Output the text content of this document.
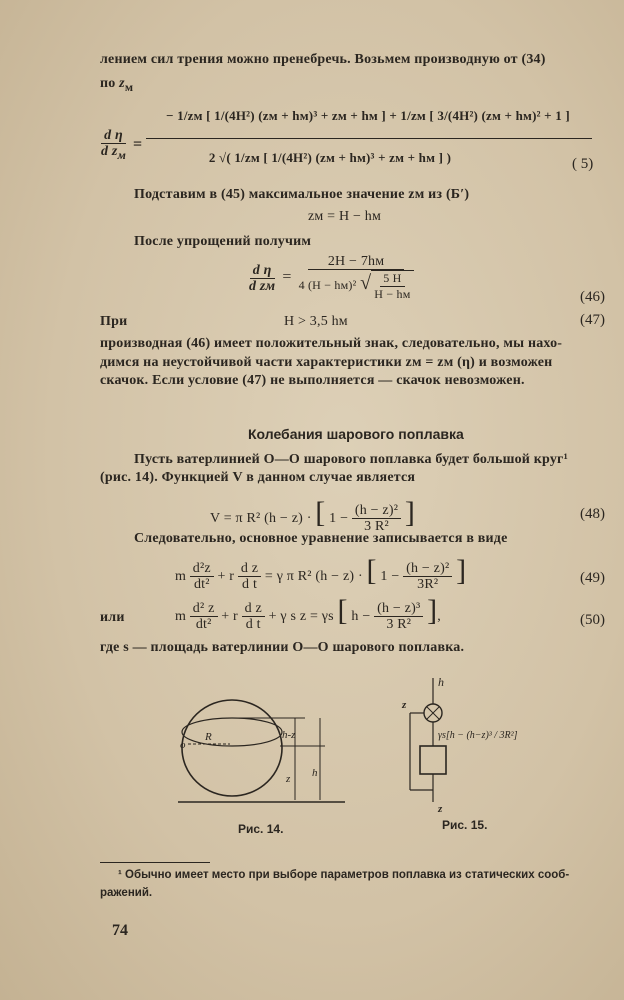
лением сил трения можно пренебречь. Возьмем производную от (34)
по $z_м$
$\frac{\text{d η}}{d z_м}$ =
− 1/zм [ 1/(4H²) (zм + hм)³ + zм + hм ] + 1/zм [ 3/(4H²) (zм + hм)² + 1 ]
2 √( 1/zм [ 1/(4H²) (zм + hм)³ + zм + hм ] )	( 5)
Подставим в (45) максимальное значение zм из (Б′)
zм = H − hм
После упрощений получим
$\frac{\text{d η}}{\text{d zм}} = \frac{2H - 7hм}{4 (H - hм)^2 √ \frac{5 H}{H - hм}}$	(46)
При	H > 3,5 hм	(47)
производная (46) имеет положительный знак, следовательно, мы нахо-
димся на неустойчивой части характеристики zм = zм (η) и возможен
скачок. Если условие (47) не выполняется — скачок невозможен.
Колебания шарового поплавка
Пусть ватерлинией O—O шарового поплавка будет большой круг¹
(рис. 14). Функцией V в данном случае является
V = π R² (h − z) · [ $1 - \frac{\text{(h − z)²}}{\text{3 R²}}$ ]	(48)
Следовательно, основное уравнение записывается в виде
m $\frac{\text{d²z}}{\text{dt²}} + r \frac{\text{d z}}{\text{d t}} = \gamma$ π R² (h − z) · [ $1 - \frac{\text{(h − z)²}}{\text{3R²}}$ ]	(49)
или	m $\frac{\text{d² z}}{\text{dt²}} + r \frac{\text{d z}}{\text{d t}} + \gamma$ s z = γs [ $h - \frac{\text{(h − z)³}}{\text{3 R²}}$ ],	(50)
где s — площадь ватерлинии O—O шарового поплавка.
o
R	h-z
z h
Рис. 14.
h
z
γs[h − (h−z)³ / 3R²]
z
Рис. 15.
¹ Обычно имеет место при выборе параметров поплавка из статических сооб-
ражений.
74
